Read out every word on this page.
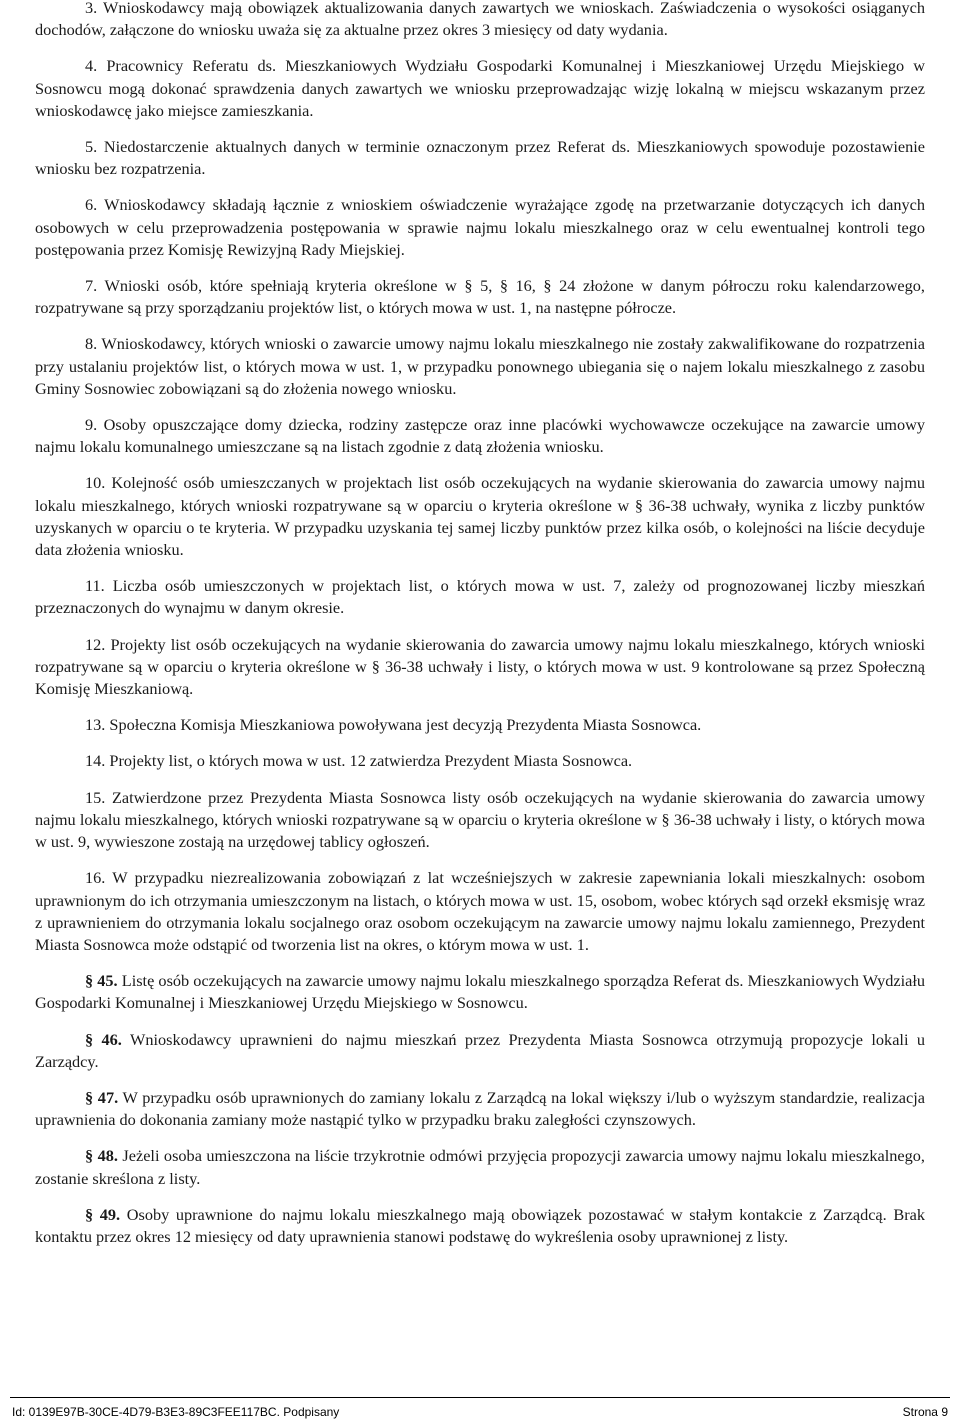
3. Wnioskodawcy mają obowiązek aktualizowania danych zawartych we wnioskach. Zaświadczenia o wysokości osiąganych dochodów, załączone do wniosku uważa się za aktualne przez okres 3 miesięcy od daty wydania.

4. Pracownicy Referatu ds. Mieszkaniowych Wydziału Gospodarki Komunalnej i Mieszkaniowej Urzędu Miejskiego w Sosnowcu mogą dokonać sprawdzenia danych zawartych we wniosku przeprowadzając wizję lokalną w miejscu wskazanym przez wnioskodawcę jako miejsce zamieszkania.

5. Niedostarczenie aktualnych danych w terminie oznaczonym przez Referat ds. Mieszkaniowych spowoduje pozostawienie wniosku bez rozpatrzenia.

6. Wnioskodawcy składają łącznie z wnioskiem oświadczenie wyrażające zgodę na przetwarzanie dotyczących ich danych osobowych w celu przeprowadzenia postępowania w sprawie najmu lokalu mieszkalnego oraz w celu ewentualnej kontroli tego postępowania przez Komisję Rewizyjną Rady Miejskiej.

7. Wnioski osób, które spełniają kryteria określone w § 5, § 16, § 24 złożone w danym półroczu roku kalendarzowego, rozpatrywane są przy sporządzaniu projektów list, o których mowa w ust. 1, na następne półrocze.

8. Wnioskodawcy, których wnioski o zawarcie umowy najmu lokalu mieszkalnego nie zostały zakwalifikowane do rozpatrzenia przy ustalaniu projektów list, o których mowa w ust. 1, w przypadku ponownego ubiegania się o najem lokalu mieszkalnego z zasobu Gminy Sosnowiec zobowiązani są do złożenia nowego wniosku.

9. Osoby opuszczające domy dziecka, rodziny zastępcze oraz inne placówki wychowawcze oczekujące na zawarcie umowy najmu lokalu komunalnego umieszczane są na listach zgodnie z datą złożenia wniosku.

10. Kolejność osób umieszczanych w projektach list osób oczekujących na wydanie skierowania do zawarcia umowy najmu lokalu mieszkalnego, których wnioski rozpatrywane są w oparciu o kryteria określone w § 36-38 uchwały, wynika z liczby punktów uzyskanych w oparciu o te kryteria. W przypadku uzyskania tej samej liczby punktów przez kilka osób, o kolejności na liście decyduje data złożenia wniosku.

11. Liczba osób umieszczonych w projektach list, o których mowa w ust. 7, zależy od prognozowanej liczby mieszkań przeznaczonych do wynajmu w danym okresie.

12. Projekty list osób oczekujących na wydanie skierowania do zawarcia umowy najmu lokalu mieszkalnego, których wnioski rozpatrywane są w oparciu o kryteria określone w § 36-38 uchwały i listy, o których mowa w ust. 9 kontrolowane są przez Społeczną Komisję Mieszkaniową.

13. Społeczna Komisja Mieszkaniowa powoływana jest decyzją Prezydenta Miasta Sosnowca.

14. Projekty list, o których mowa w ust. 12 zatwierdza Prezydent Miasta Sosnowca.

15. Zatwierdzone przez Prezydenta Miasta Sosnowca listy osób oczekujących na wydanie skierowania do zawarcia umowy najmu lokalu mieszkalnego, których wnioski rozpatrywane są w oparciu o kryteria określone w § 36-38 uchwały i listy, o których mowa w ust. 9, wywieszone zostają na urzędowej tablicy ogłoszeń.

16. W przypadku niezrealizowania zobowiązań z lat wcześniejszych w zakresie zapewniania lokali mieszkalnych: osobom uprawnionym do ich otrzymania umieszczonym na listach, o których mowa w ust. 15, osobom, wobec których sąd orzekł eksmisję wraz z uprawnieniem do otrzymania lokalu socjalnego oraz osobom oczekującym na zawarcie umowy najmu lokalu zamiennego, Prezydent Miasta Sosnowca może odstąpić od tworzenia list na okres, o którym mowa w ust. 1.

§ 45. Listę osób oczekujących na zawarcie umowy najmu lokalu mieszkalnego sporządza Referat ds. Mieszkaniowych Wydziału Gospodarki Komunalnej i Mieszkaniowej Urzędu Miejskiego w Sosnowcu.

§ 46. Wnioskodawcy uprawnieni do najmu mieszkań przez Prezydenta Miasta Sosnowca otrzymują propozycje lokali u Zarządcy.

§ 47. W przypadku osób uprawnionych do zamiany lokalu z Zarządcą na lokal większy i/lub o wyższym standardzie, realizacja uprawnienia do dokonania zamiany może nastąpić tylko w przypadku braku zaległości czynszowych.

§ 48. Jeżeli osoba umieszczona na liście trzykrotnie odmówi przyjęcia propozycji zawarcia umowy najmu lokalu mieszkalnego, zostanie skreślona z listy.

§ 49. Osoby uprawnione do najmu lokalu mieszkalnego mają obowiązek pozostawać w stałym kontakcie z Zarządcą. Brak kontaktu przez okres 12 miesięcy od daty uprawnienia stanowi podstawę do wykreślenia osoby uprawnionej z listy.

Id: 0139E97B-30CE-4D79-B3E3-89C3FEE117BC. Podpisany	Strona 9
